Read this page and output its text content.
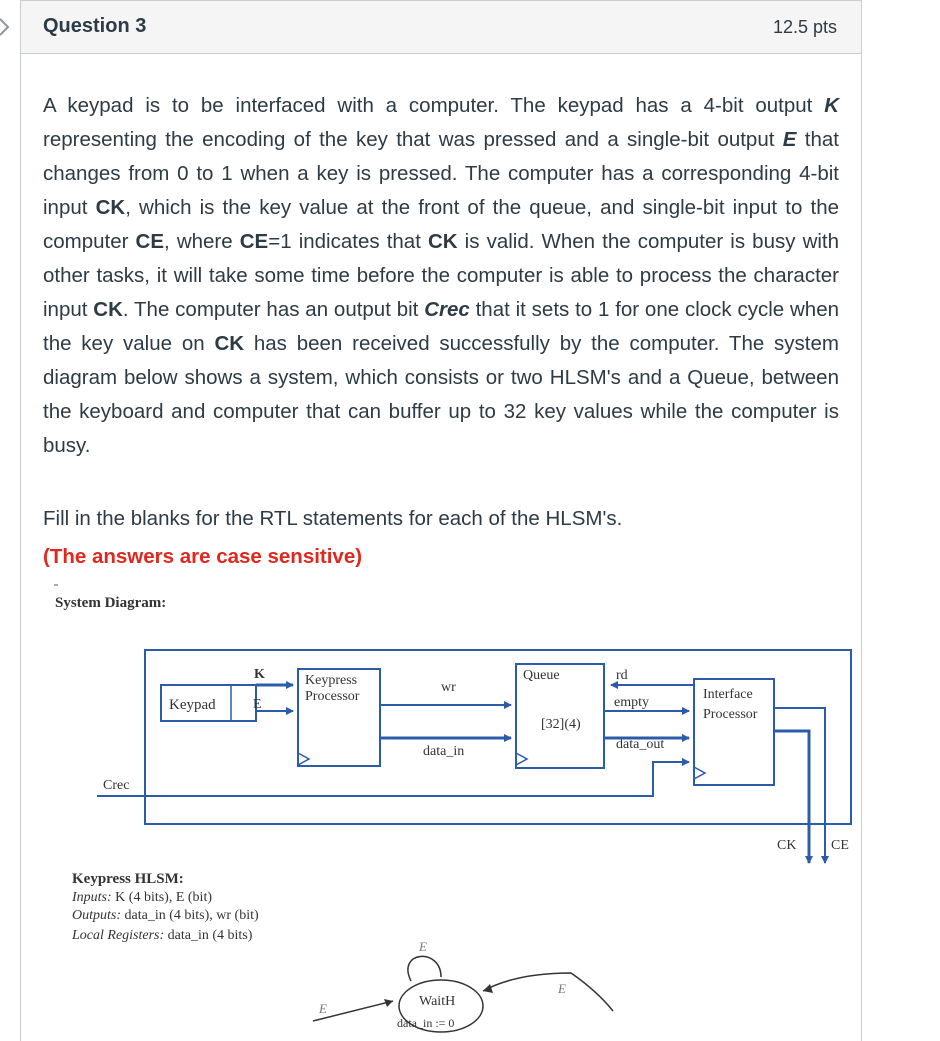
Question 3	12.5 pts

A keypad is to be interfaced with a computer. The keypad has a 4-bit output K representing the encoding of the key that was pressed and a single-bit output E that changes from 0 to 1 when a key is pressed. The computer has a corresponding 4-bit input CK, which is the key value at the front of the queue, and single-bit input to the computer CE, where CE=1 indicates that CK is valid. When the computer is busy with other tasks, it will take some time before the computer is able to process the character input CK. The computer has an output bit Crec that it sets to 1 for one clock cycle when the key value on CK has been received successfully by the computer. The system diagram below shows a system, which consists or two HLSM's and a Queue, between the keyboard and computer that can buffer up to 32 key values while the computer is busy.

Fill in the blanks for the RTL statements for each of the HLSM's.
(The answers are case sensitive)
System Diagram:
Keypad
K
E
Keypress
Processor
wr
data_in
Queue
[32](4)
rd
empty
data_out
Interface
Processor
CK CE
Crec
Keypress HLSM:
Inputs: K (4 bits), E (bit)
Outputs: data_in (4 bits), wr (bit)
Local Registers: data_in (4 bits)
E
WaitH
data_in := 0
E
E
